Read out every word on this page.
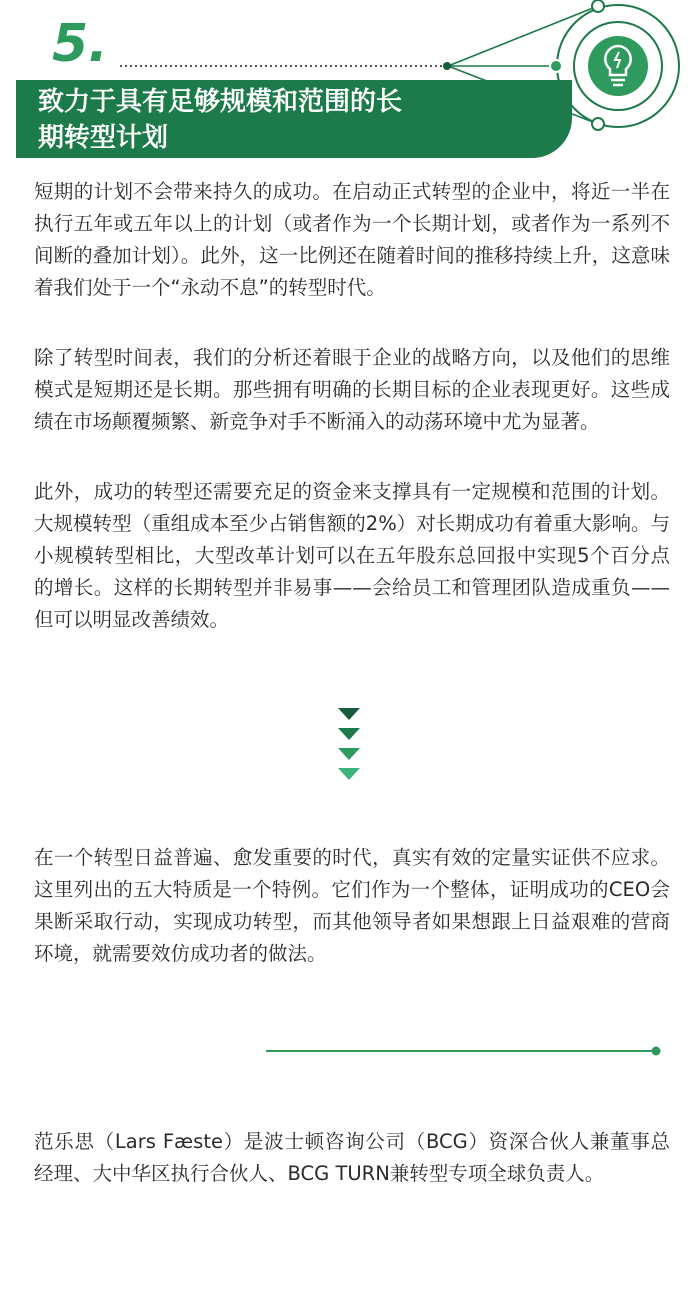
5.
致力于具有足够规模和范围的长
期转型计划

短期的计划不会带来持久的成功。在启动正式转型的企业中，将近一半在执行五年或五年以上的计划（或者作为一个长期计划，或者作为一系列不间断的叠加计划）。此外，这一比例还在随着时间的推移持续上升，这意味着我们处于一个“永动不息”的转型时代。

除了转型时间表，我们的分析还着眼于企业的战略方向，以及他们的思维模式是短期还是长期。那些拥有明确的长期目标的企业表现更好。这些成绩在市场颠覆频繁、新竞争对手不断涌入的动荡环境中尤为显著。

此外，成功的转型还需要充足的资金来支撑具有一定规模和范围的计划。大规模转型（重组成本至少占销售额的2%）对长期成功有着重大影响。与小规模转型相比，大型改革计划可以在五年股东总回报中实现5个百分点的增长。这样的长期转型并非易事——会给员工和管理团队造成重负——但可以明显改善绩效。

在一个转型日益普遍、愈发重要的时代，真实有效的定量实证供不应求。这里列出的五大特质是一个特例。它们作为一个整体，证明成功的CEO会果断采取行动，实现成功转型，而其他领导者如果想跟上日益艰难的营商环境，就需要效仿成功者的做法。

范乐思（Lars Fæste）是波士顿咨询公司（BCG）资深合伙人兼董事总经理、大中华区执行合伙人、BCG TURN兼转型专项全球负责人。
